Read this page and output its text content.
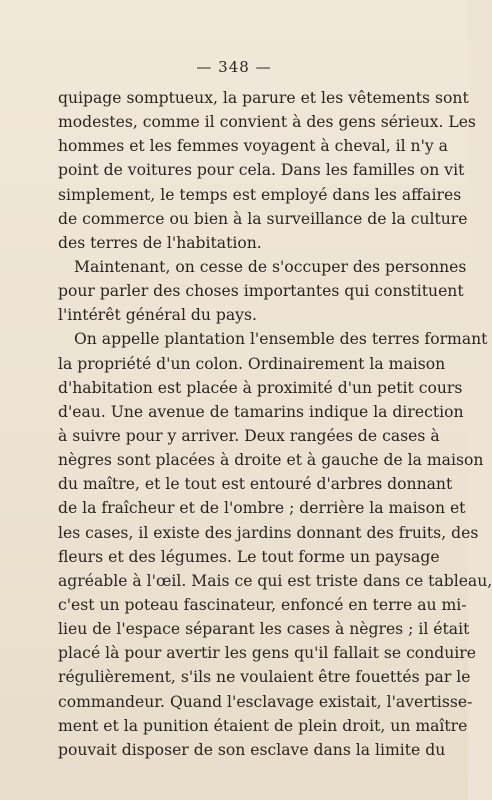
— 348 —
quipage somptueux, la parure et les vêtements sont
modestes, comme il convient à des gens sérieux. Les
hommes et les femmes voyagent à cheval, il n'y a
point de voitures pour cela. Dans les familles on vit
simplement, le temps est employé dans les affaires
de commerce ou bien à la surveillance de la culture
des terres de l'habitation.
Maintenant, on cesse de s'occuper des personnes
pour parler des choses importantes qui constituent
l'intérêt général du pays.
On appelle plantation l'ensemble des terres formant
la propriété d'un colon. Ordinairement la maison
d'habitation est placée à proximité d'un petit cours
d'eau. Une avenue de tamarins indique la direction
à suivre pour y arriver. Deux rangées de cases à
nègres sont placées à droite et à gauche de la maison
du maître, et le tout est entouré d'arbres donnant
de la fraîcheur et de l'ombre ; derrière la maison et
les cases, il existe des jardins donnant des fruits, des
fleurs et des légumes. Le tout forme un paysage
agréable à l'œil. Mais ce qui est triste dans ce tableau,
c'est un poteau fascinateur, enfoncé en terre au mi-
lieu de l'espace séparant les cases à nègres ; il était
placé là pour avertir les gens qu'il fallait se conduire
régulièrement, s'ils ne voulaient être fouettés par le
commandeur. Quand l'esclavage existait, l'avertisse-
ment et la punition étaient de plein droit, un maître
pouvait disposer de son esclave dans la limite du
